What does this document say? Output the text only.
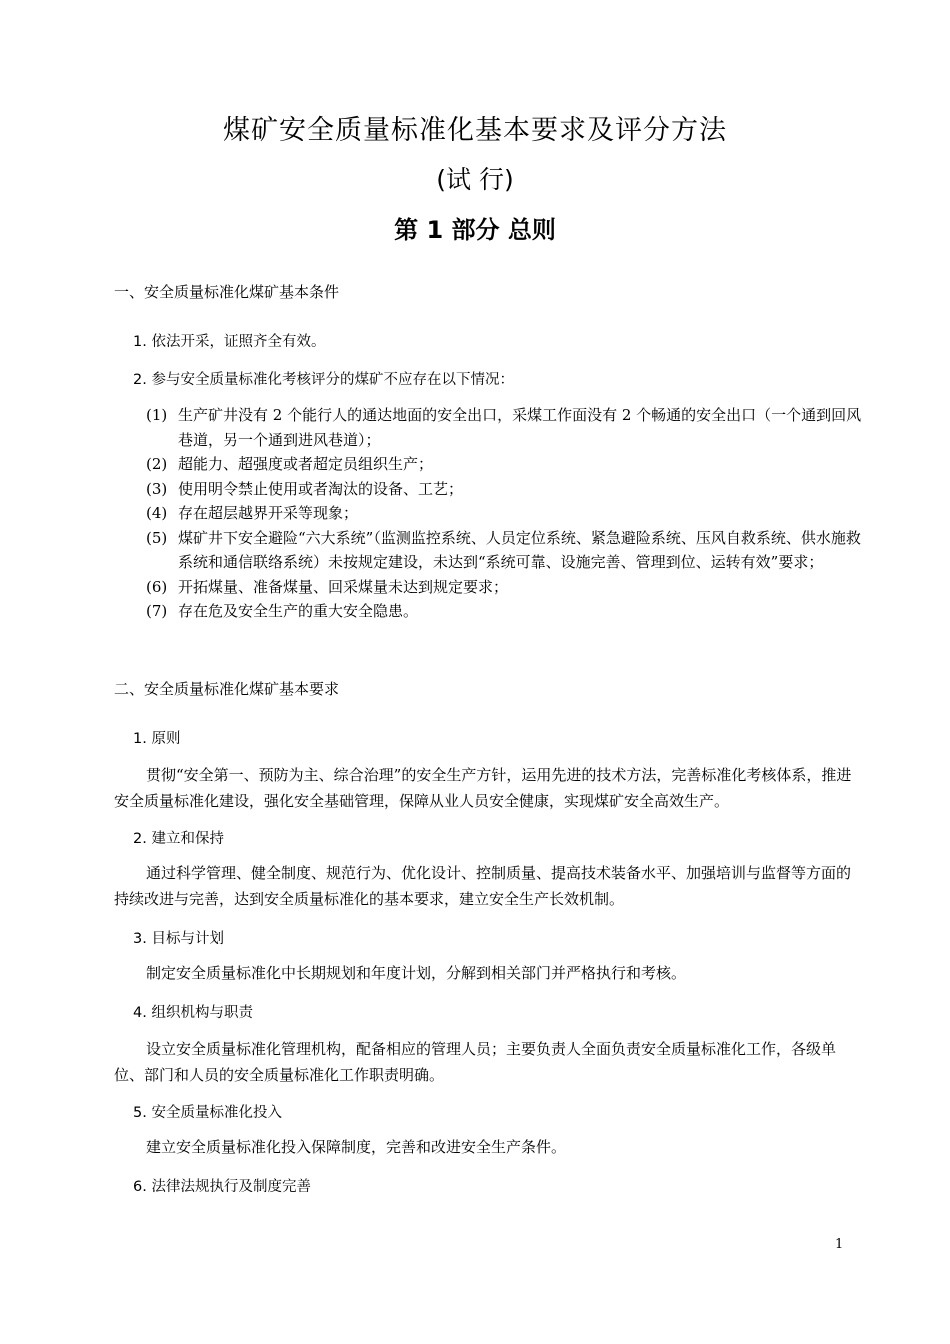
煤矿安全质量标准化基本要求及评分方法
(试 行)
第 1 部分 总则
一、安全质量标准化煤矿基本条件
1. 依法开采，证照齐全有效。
2. 参与安全质量标准化考核评分的煤矿不应存在以下情况：
(1) 生产矿井没有 2 个能行人的通达地面的安全出口，采煤工作面没有 2 个畅通的安全出口（一个通到回风巷道，另一个通到进风巷道）；
(2) 超能力、超强度或者超定员组织生产；
(3) 使用明令禁止使用或者淘汰的设备、工艺；
(4) 存在超层越界开采等现象；
(5) 煤矿井下安全避险“六大系统”（监测监控系统、人员定位系统、紧急避险系统、压风自救系统、供水施救系统和通信联络系统）未按规定建设，未达到“系统可靠、设施完善、管理到位、运转有效”要求；
(6) 开拓煤量、准备煤量、回采煤量未达到规定要求；
(7) 存在危及安全生产的重大安全隐患。
二、安全质量标准化煤矿基本要求
1. 原则

贯彻“安全第一、预防为主、综合治理”的安全生产方针，运用先进的技术方法，完善标准化考核体系，推进安全质量标准化建设，强化安全基础管理，保障从业人员安全健康，实现煤矿安全高效生产。

2. 建立和保持

通过科学管理、健全制度、规范行为、优化设计、控制质量、提高技术装备水平、加强培训与监督等方面的持续改进与完善，达到安全质量标准化的基本要求，建立安全生产长效机制。

3. 目标与计划

制定安全质量标准化中长期规划和年度计划，分解到相关部门并严格执行和考核。

4. 组织机构与职责

设立安全质量标准化管理机构，配备相应的管理人员；主要负责人全面负责安全质量标准化工作，各级单位、部门和人员的安全质量标准化工作职责明确。

5. 安全质量标准化投入

建立安全质量标准化投入保障制度，完善和改进安全生产条件。

6. 法律法规执行及制度完善
1
